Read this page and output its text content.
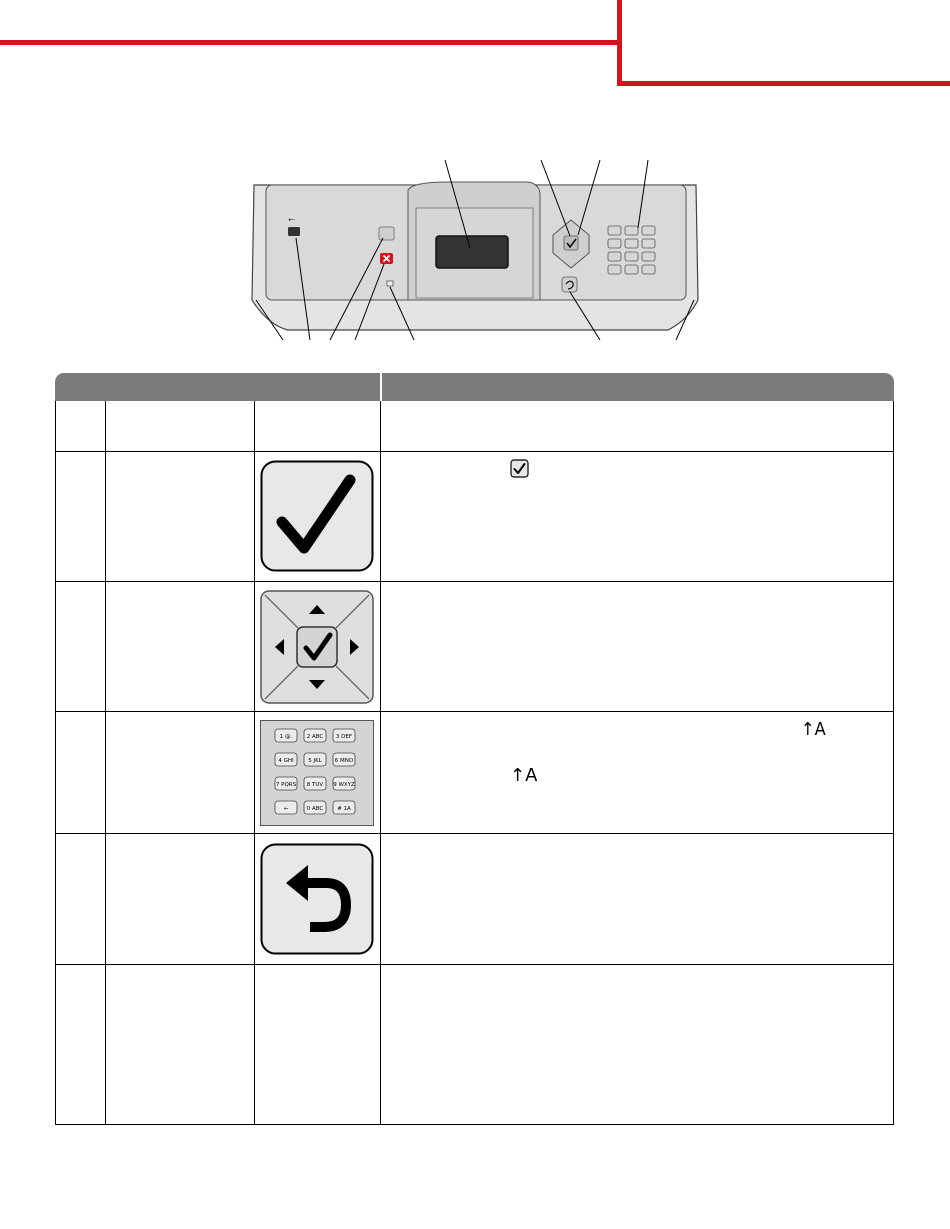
⭠
1 @.	2 ABC 3 DEF
4 GHI	5 JKL 6 MNO
7 PQRS 8 TUV 9 WXYZ
←	0 ABC	# 1A
↑A
↑A
